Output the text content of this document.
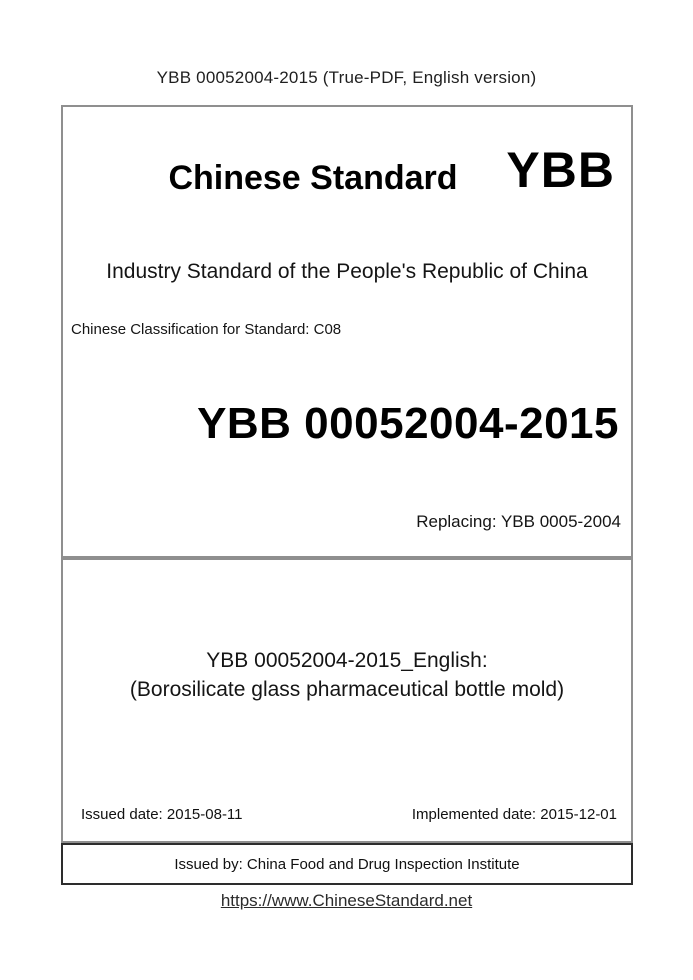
YBB 00052004-2015 (True-PDF, English version)
Chinese Standard YBB
Industry Standard of the People's Republic of China
Chinese Classification for Standard: C08
YBB 00052004-2015
Replacing: YBB 0005-2004
YBB 00052004-2015_English:
(Borosilicate glass pharmaceutical bottle mold)
Issued date: 2015-08-11	Implemented date: 2015-12-01
Issued by: China Food and Drug Inspection Institute
https://www.ChineseStandard.net
